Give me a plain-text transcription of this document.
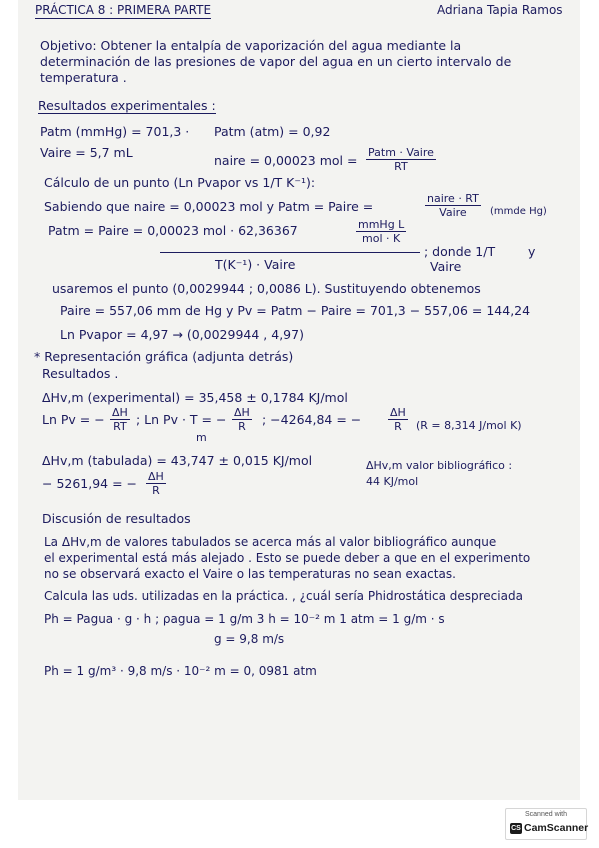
PRÁCTICA 8 : PRIMERA PARTE	Adriana Tapia Ramos
Objetivo: Obtener la entalpía de vaporización del agua mediante la
determinación de las presiones de vapor del agua en un cierto intervalo de
temperatura .
Resultados experimentales :
Patm (mmHg) = 701,3 · Patm (atm) = 0,92
Vaire = 5,7 mL
naire = 0,00023 mol =
Patm · Vaire
RT
Cálculo de un punto (Ln Pvapor vs 1/T K⁻¹):
Sabiendo que naire = 0,00023 mol y Patm = Paire =
naire · RT
Vaire	(mmde Hg)
Patm = Paire = 0,00023 mol · 62,36367	mmHg L
mol · K
T(K⁻¹) · Vaire
; donde 1/T	y
Vaire
usaremos el punto (0,0029944 ; 0,0086 L). Sustituyendo obtenemos
Paire = 557,06 mm de Hg y Pv = Patm − Paire = 701,3 − 557,06 = 144,24
Ln Pvapor = 4,97 → (0,0029944 , 4,97)
* Representación gráfica (adjunta detrás)
Resultados .
ΔHv,m (experimental) = 35,458 ± 0,1784 KJ/mol
Ln Pv = − $\frac{\Delta H}{RT}$ ; Ln Pv · T = − $\frac{\Delta H}{R}$ ; −4264,84 = − $\frac{\Delta H}{R} (R = 8,314$ J/mol K)
m
ΔHv,m (tabulada) = 43,747 ± 0,015 KJ/mol	ΔHv,m valor bibliográfico :
44 KJ/mol
− 5261,94 = − $\frac{\Delta H}{R}$
Discusión de resultados
La ΔHv,m de valores tabulados se acerca más al valor bibliográfico aunque
el experimental está más alejado . Esto se puede deber a que en el experimento
no se observará exacto el Vaire o las temperaturas no sean exactas.
Calcula las uds. utilizadas en la práctica. , ¿cuál sería Phidrostática despreciada
Ph = Pagua · g · h ; ρagua = 1 g/m 3 h = 10⁻² m 1 atm = 1 g/m · s
g = 9,8 m/s
Ph = 1 g/m³ · 9,8 m/s · 10⁻² m = 0, 0981 atm
Scanned with
CS CamScanner
